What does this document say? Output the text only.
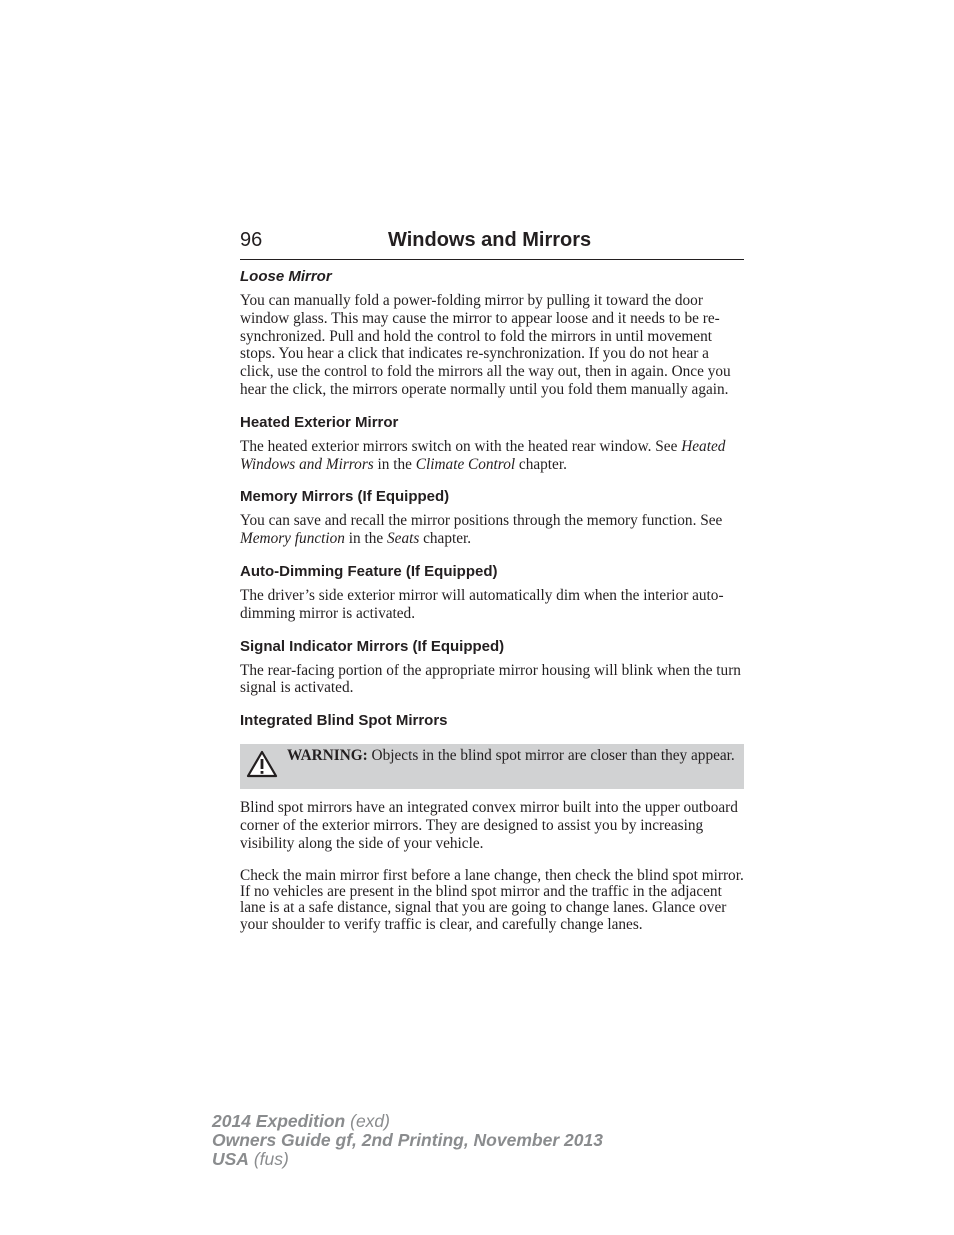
96	Windows and Mirrors
Loose Mirror
You can manually fold a power-folding mirror by pulling it toward the door window glass. This may cause the mirror to appear loose and it needs to be re-synchronized. Pull and hold the control to fold the mirrors in until movement stops. You hear a click that indicates re-synchronization. If you do not hear a click, use the control to fold the mirrors all the way out, then in again. Once you hear the click, the mirrors operate normally until you fold them manually again.
Heated Exterior Mirror
The heated exterior mirrors switch on with the heated rear window. See Heated Windows and Mirrors in the Climate Control chapter.
Memory Mirrors (If Equipped)
You can save and recall the mirror positions through the memory function. See Memory function in the Seats chapter.
Auto-Dimming Feature (If Equipped)
The driver’s side exterior mirror will automatically dim when the interior auto-dimming mirror is activated.
Signal Indicator Mirrors (If Equipped)
The rear-facing portion of the appropriate mirror housing will blink when the turn signal is activated.
Integrated Blind Spot Mirrors
WARNING: Objects in the blind spot mirror are closer than they appear.
Blind spot mirrors have an integrated convex mirror built into the upper outboard corner of the exterior mirrors. They are designed to assist you by increasing visibility along the side of your vehicle.
Check the main mirror first before a lane change, then check the blind spot mirror. If no vehicles are present in the blind spot mirror and the traffic in the adjacent lane is at a safe distance, signal that you are going to change lanes. Glance over your shoulder to verify traffic is clear, and carefully change lanes.
2014 Expedition (exd)
Owners Guide gf, 2nd Printing, November 2013
USA (fus)
